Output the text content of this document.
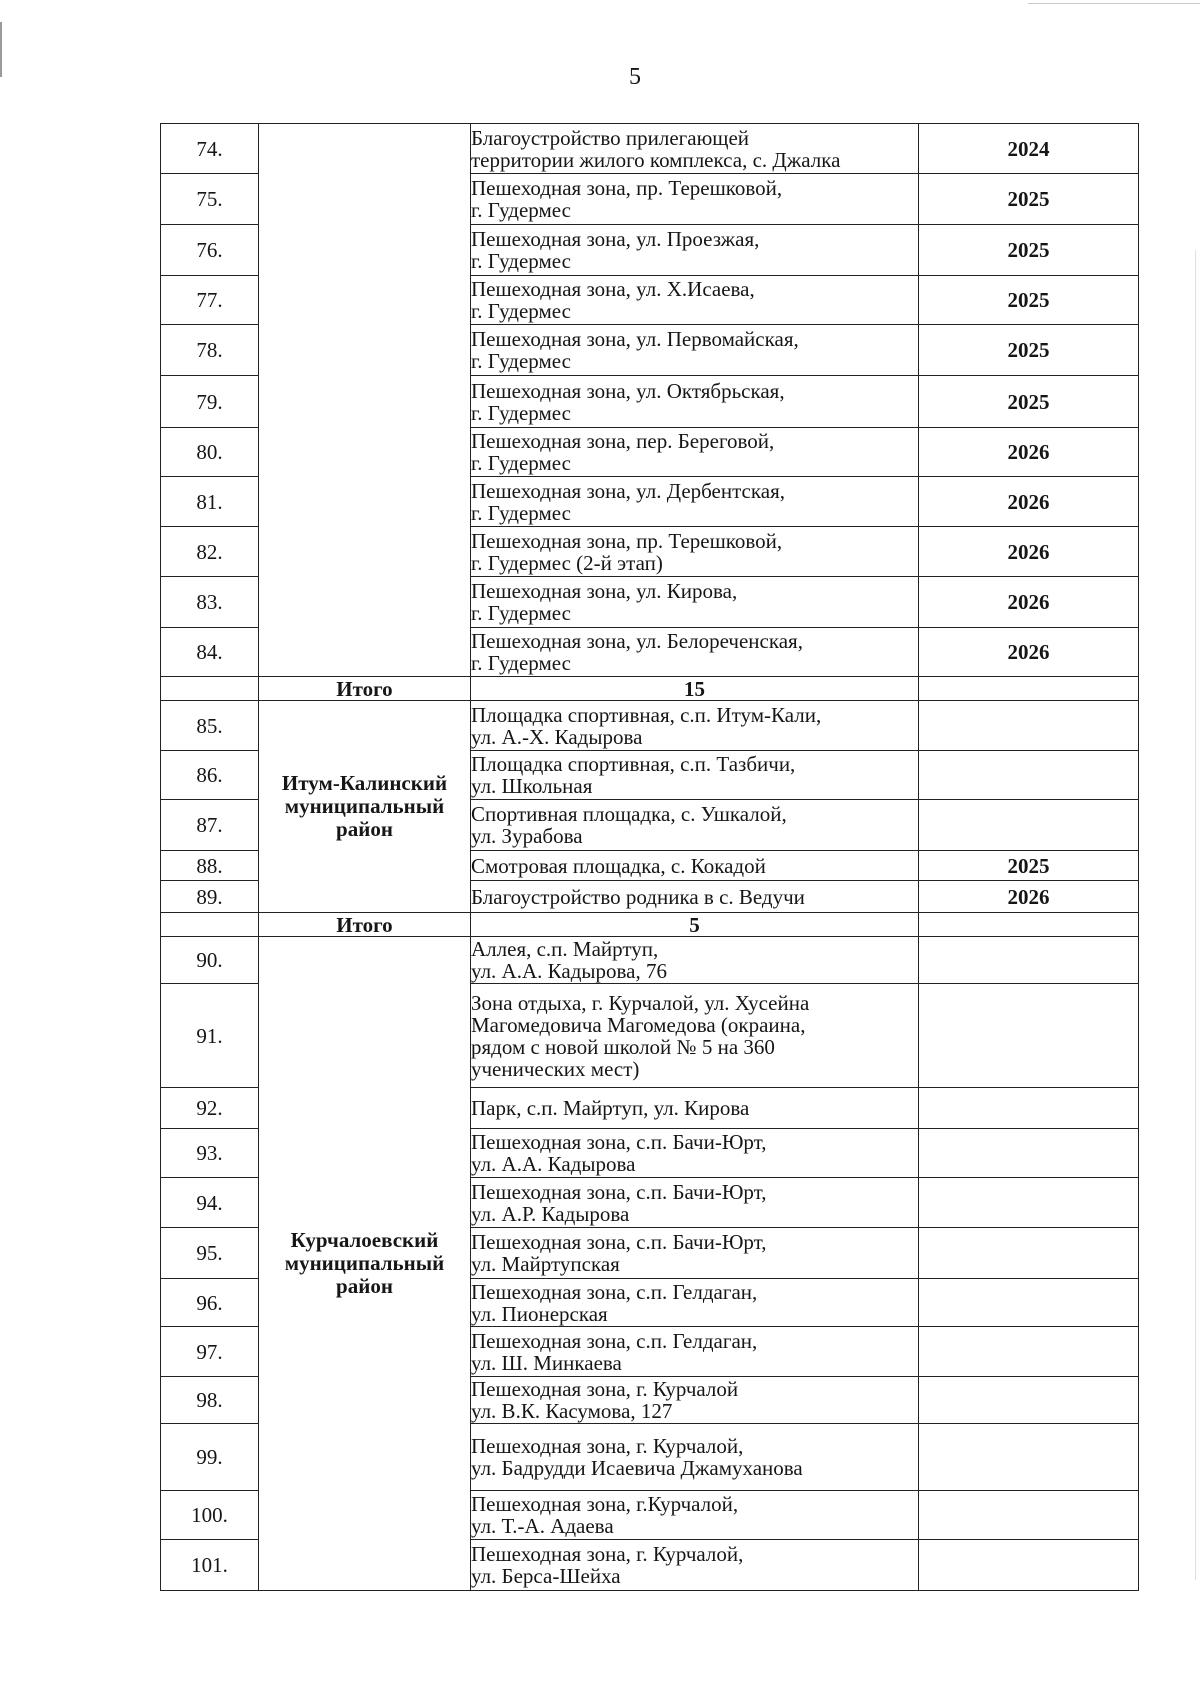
5
74.		Благоустройство прилегающей
территории жилого комплекса, с. Джалка	2024
75.		Пешеходная зона, пр. Терешковой,
г. Гудермес	2025
76.		Пешеходная зона, ул. Проезжая,
г. Гудермес	2025
77.		Пешеходная зона, ул. Х.Исаева,
г. Гудермес	2025
78.		Пешеходная зона, ул. Первомайская,
г. Гудермес	2025
79.		Пешеходная зона, ул. Октябрьская,
г. Гудермес	2025
80.		Пешеходная зона, пер. Береговой,
г. Гудермес	2026
81.		Пешеходная зона, ул. Дербентская,
г. Гудермес	2026
82.		Пешеходная зона, пр. Терешковой,
г. Гудермес (2-й этап)	2026
83.		Пешеходная зона, ул. Кирова,
г. Гудермес	2026
84.		Пешеходная зона, ул. Белореченская,
г. Гудермес	2026
	Итого	15	
85.	Итум-Калинский муниципальный район	Площадка спортивная, с.п. Итум-Кали,
ул. А.-Х. Кадырова	

86.		Площадка спортивная, с.п. Тазбичи,
ул. Школьная	

87.		Спортивная площадка, с. Ушкалой,
ул. Зурабова	

88.		Смотровая площадка, с. Кокадой	2025
89.		Благоустройство родника в с. Ведучи	2026
	Итого	5	
90.	Курчалоевский муниципальный район	Аллея, с.п. Майртуп,
ул. А.А. Кадырова, 76	

91.		Зона отдыха, г. Курчалой, ул. Хусейна
Магомедовича Магомедова (окраина,
рядом с новой школой № 5 на 360
ученических мест)	

92.		Парк, с.п. Майртуп, ул. Кирова	

93.		Пешеходная зона, с.п. Бачи-Юрт,
ул. А.А. Кадырова	

94.		Пешеходная зона, с.п. Бачи-Юрт,
ул. А.Р. Кадырова	

95.		Пешеходная зона, с.п. Бачи-Юрт,
ул. Майртупская	

96.		Пешеходная зона, с.п. Гелдаган,
ул. Пионерская	

97.		Пешеходная зона, с.п. Гелдаган,
ул. Ш. Минкаева	

98.		Пешеходная зона, г. Курчалой
ул. В.К. Касумова, 127	

99.		Пешеходная зона, г. Курчалой,
ул. Бадрудди Исаевича Джамуханова	

100.		Пешеходная зона, г.Курчалой,
ул. Т.-А. Адаева	

101.		Пешеходная зона, г. Курчалой,
ул. Берса-Шейха	
